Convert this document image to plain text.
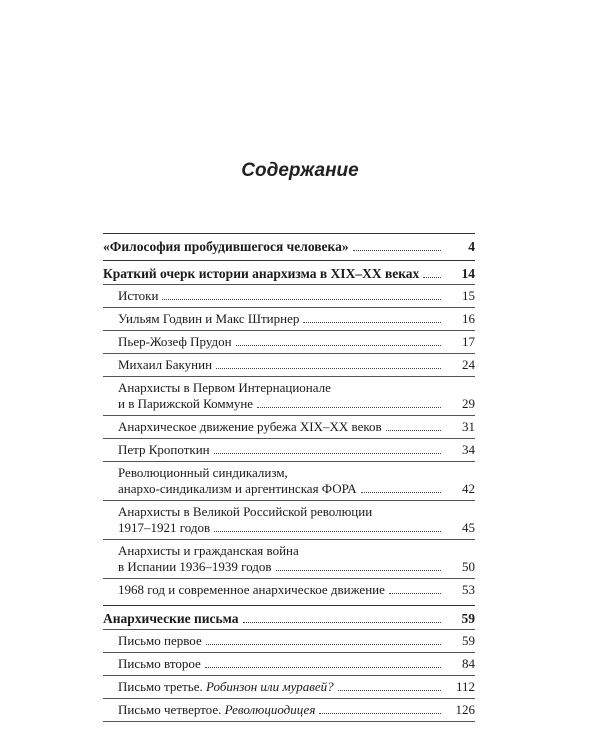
Содержание
«Философия пробудившегося человека»	4
Краткий очерк истории анархизма в XIX–XX веках	14
Истоки	15
Уильям Годвин и Макс Штирнер	16
Пьер-Жозеф Прудон	17
Михаил Бакунин	24
Анархисты в Первом Интернационале
и в Парижской Коммуне	29
Анархическое движение рубежа XIX–XX веков	31
Петр Кропоткин	34
Революционный синдикализм,
анархо-синдикализм и аргентинская ФОРА	42
Анархисты в Великой Российской революции
1917–1921 годов	45
Анархисты и гражданская война
в Испании 1936–1939 годов	50
1968 год и современное анархическое движение	53
Анархические письма	59
Письмо первое	59
Письмо второе	84
Письмо третье. Робинзон или муравей?	112
Письмо четвертое. Революциодицея	126
